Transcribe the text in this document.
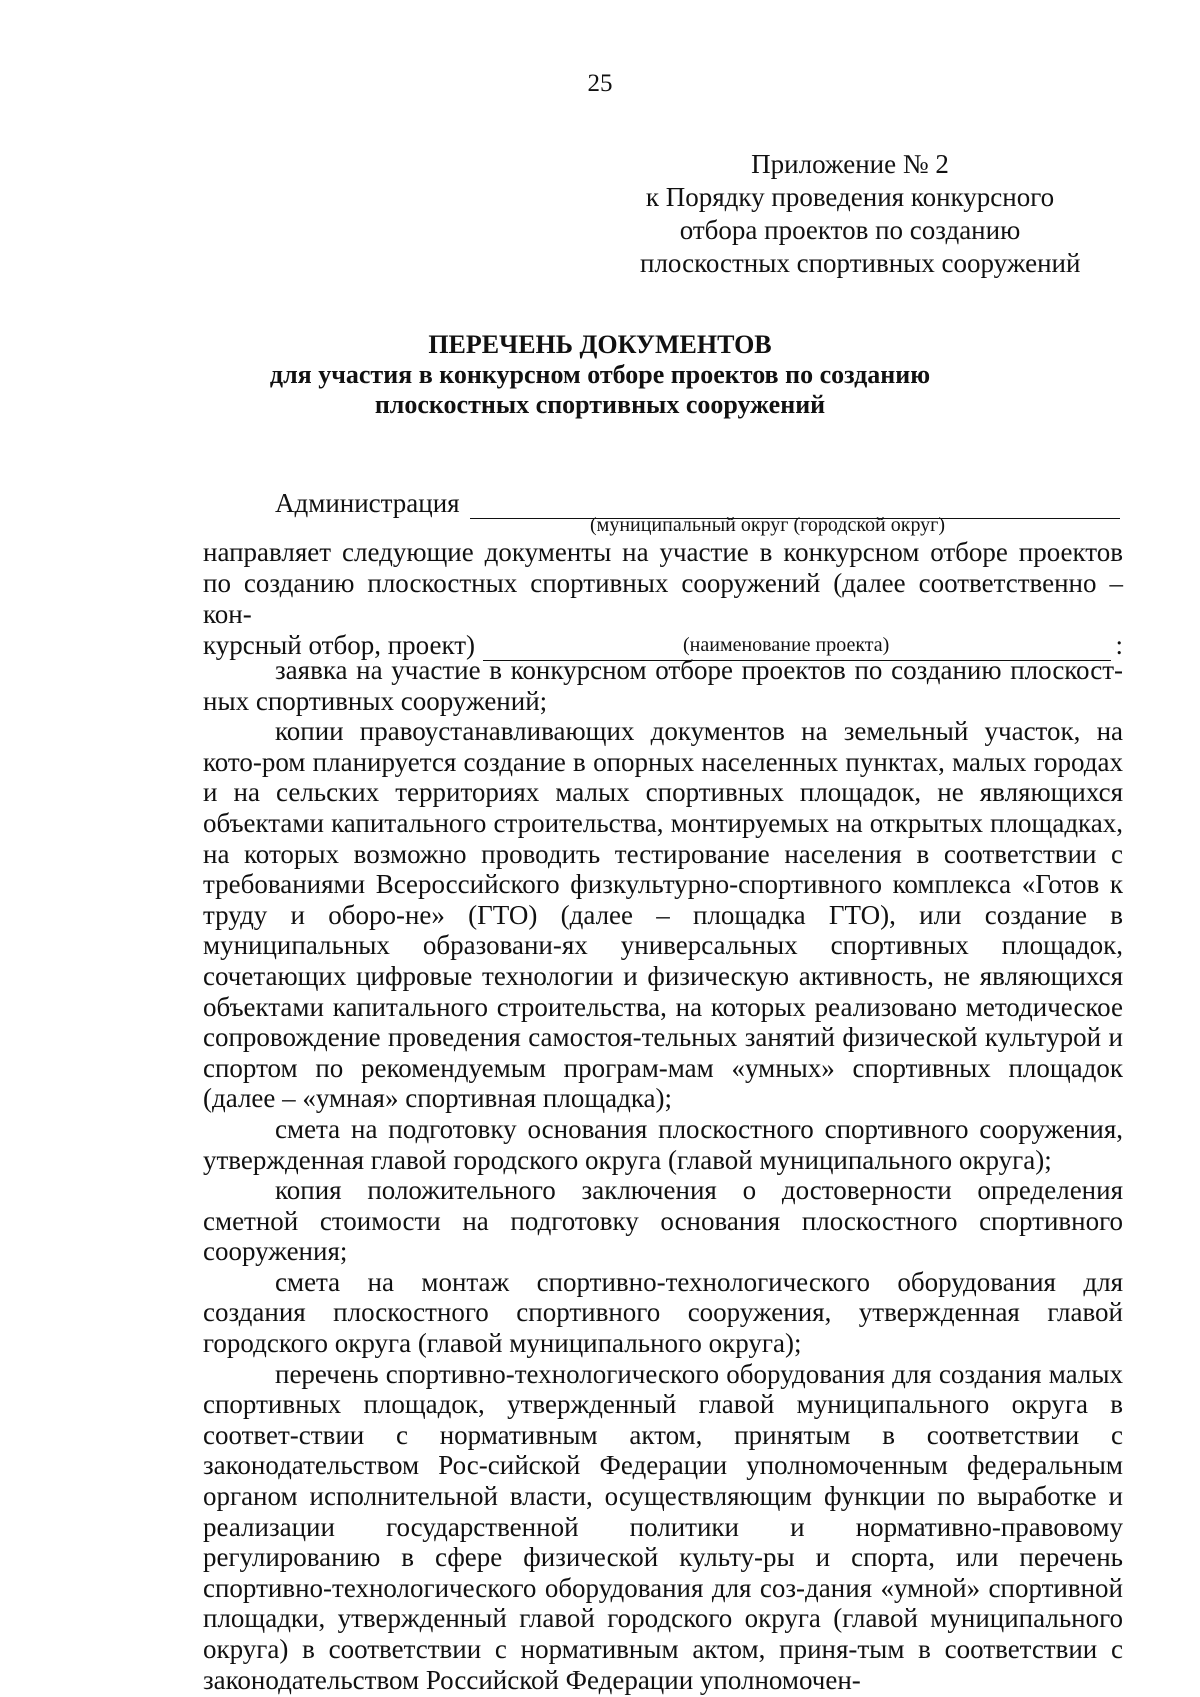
25
Приложение № 2
к Порядку проведения конкурсного
отбора проектов по созданию
плоскостных спортивных сооружений
ПЕРЕЧЕНЬ ДОКУМЕНТОВ
для участия в конкурсном отборе проектов по созданию
плоскостных спортивных сооружений
Администрация
(муниципальный округ (городской округ)

направляет следующие документы на участие в конкурсном отборе проектов по созданию плоскостных спортивных сооружений (далее соответственно – кон-

курсный отбор, проект)	:
(наименование проекта)

заявка на участие в конкурсном отборе проектов по созданию плоскост-ных спортивных сооружений;

копии правоустанавливающих документов на земельный участок, на кото-ром планируется создание в опорных населенных пунктах, малых городах и на сельских территориях малых спортивных площадок, не являющихся объектами капитального строительства, монтируемых на открытых площадках, на которых возможно проводить тестирование населения в соответствии с требованиями Всероссийского физкультурно-спортивного комплекса «Готов к труду и оборо-не» (ГТО) (далее – площадка ГТО), или создание в муниципальных образовани-ях универсальных спортивных площадок, сочетающих цифровые технологии и физическую активность, не являющихся объектами капитального строительства, на которых реализовано методическое сопровождение проведения самостоя-тельных занятий физической культурой и спортом по рекомендуемым програм-мам «умных» спортивных площадок (далее – «умная» спортивная площадка);

смета на подготовку основания плоскостного спортивного сооружения, утвержденная главой городского округа (главой муниципального округа);

копия положительного заключения о достоверности определения сметной стоимости на подготовку основания плоскостного спортивного сооружения;

смета на монтаж спортивно-технологического оборудования для создания плоскостного спортивного сооружения, утвержденная главой городского округа (главой муниципального округа);

перечень спортивно-технологического оборудования для создания малых спортивных площадок, утвержденный главой муниципального округа в соответ-ствии с нормативным актом, принятым в соответствии с законодательством Рос-сийской Федерации уполномоченным федеральным органом исполнительной власти, осуществляющим функции по выработке и реализации государственной политики и нормативно-правовому регулированию в сфере физической культу-ры и спорта, или перечень спортивно-технологического оборудования для соз-дания «умной» спортивной площадки, утвержденный главой городского округа (главой муниципального округа) в соответствии с нормативным актом, приня-тым в соответствии с законодательством Российской Федерации уполномочен-
